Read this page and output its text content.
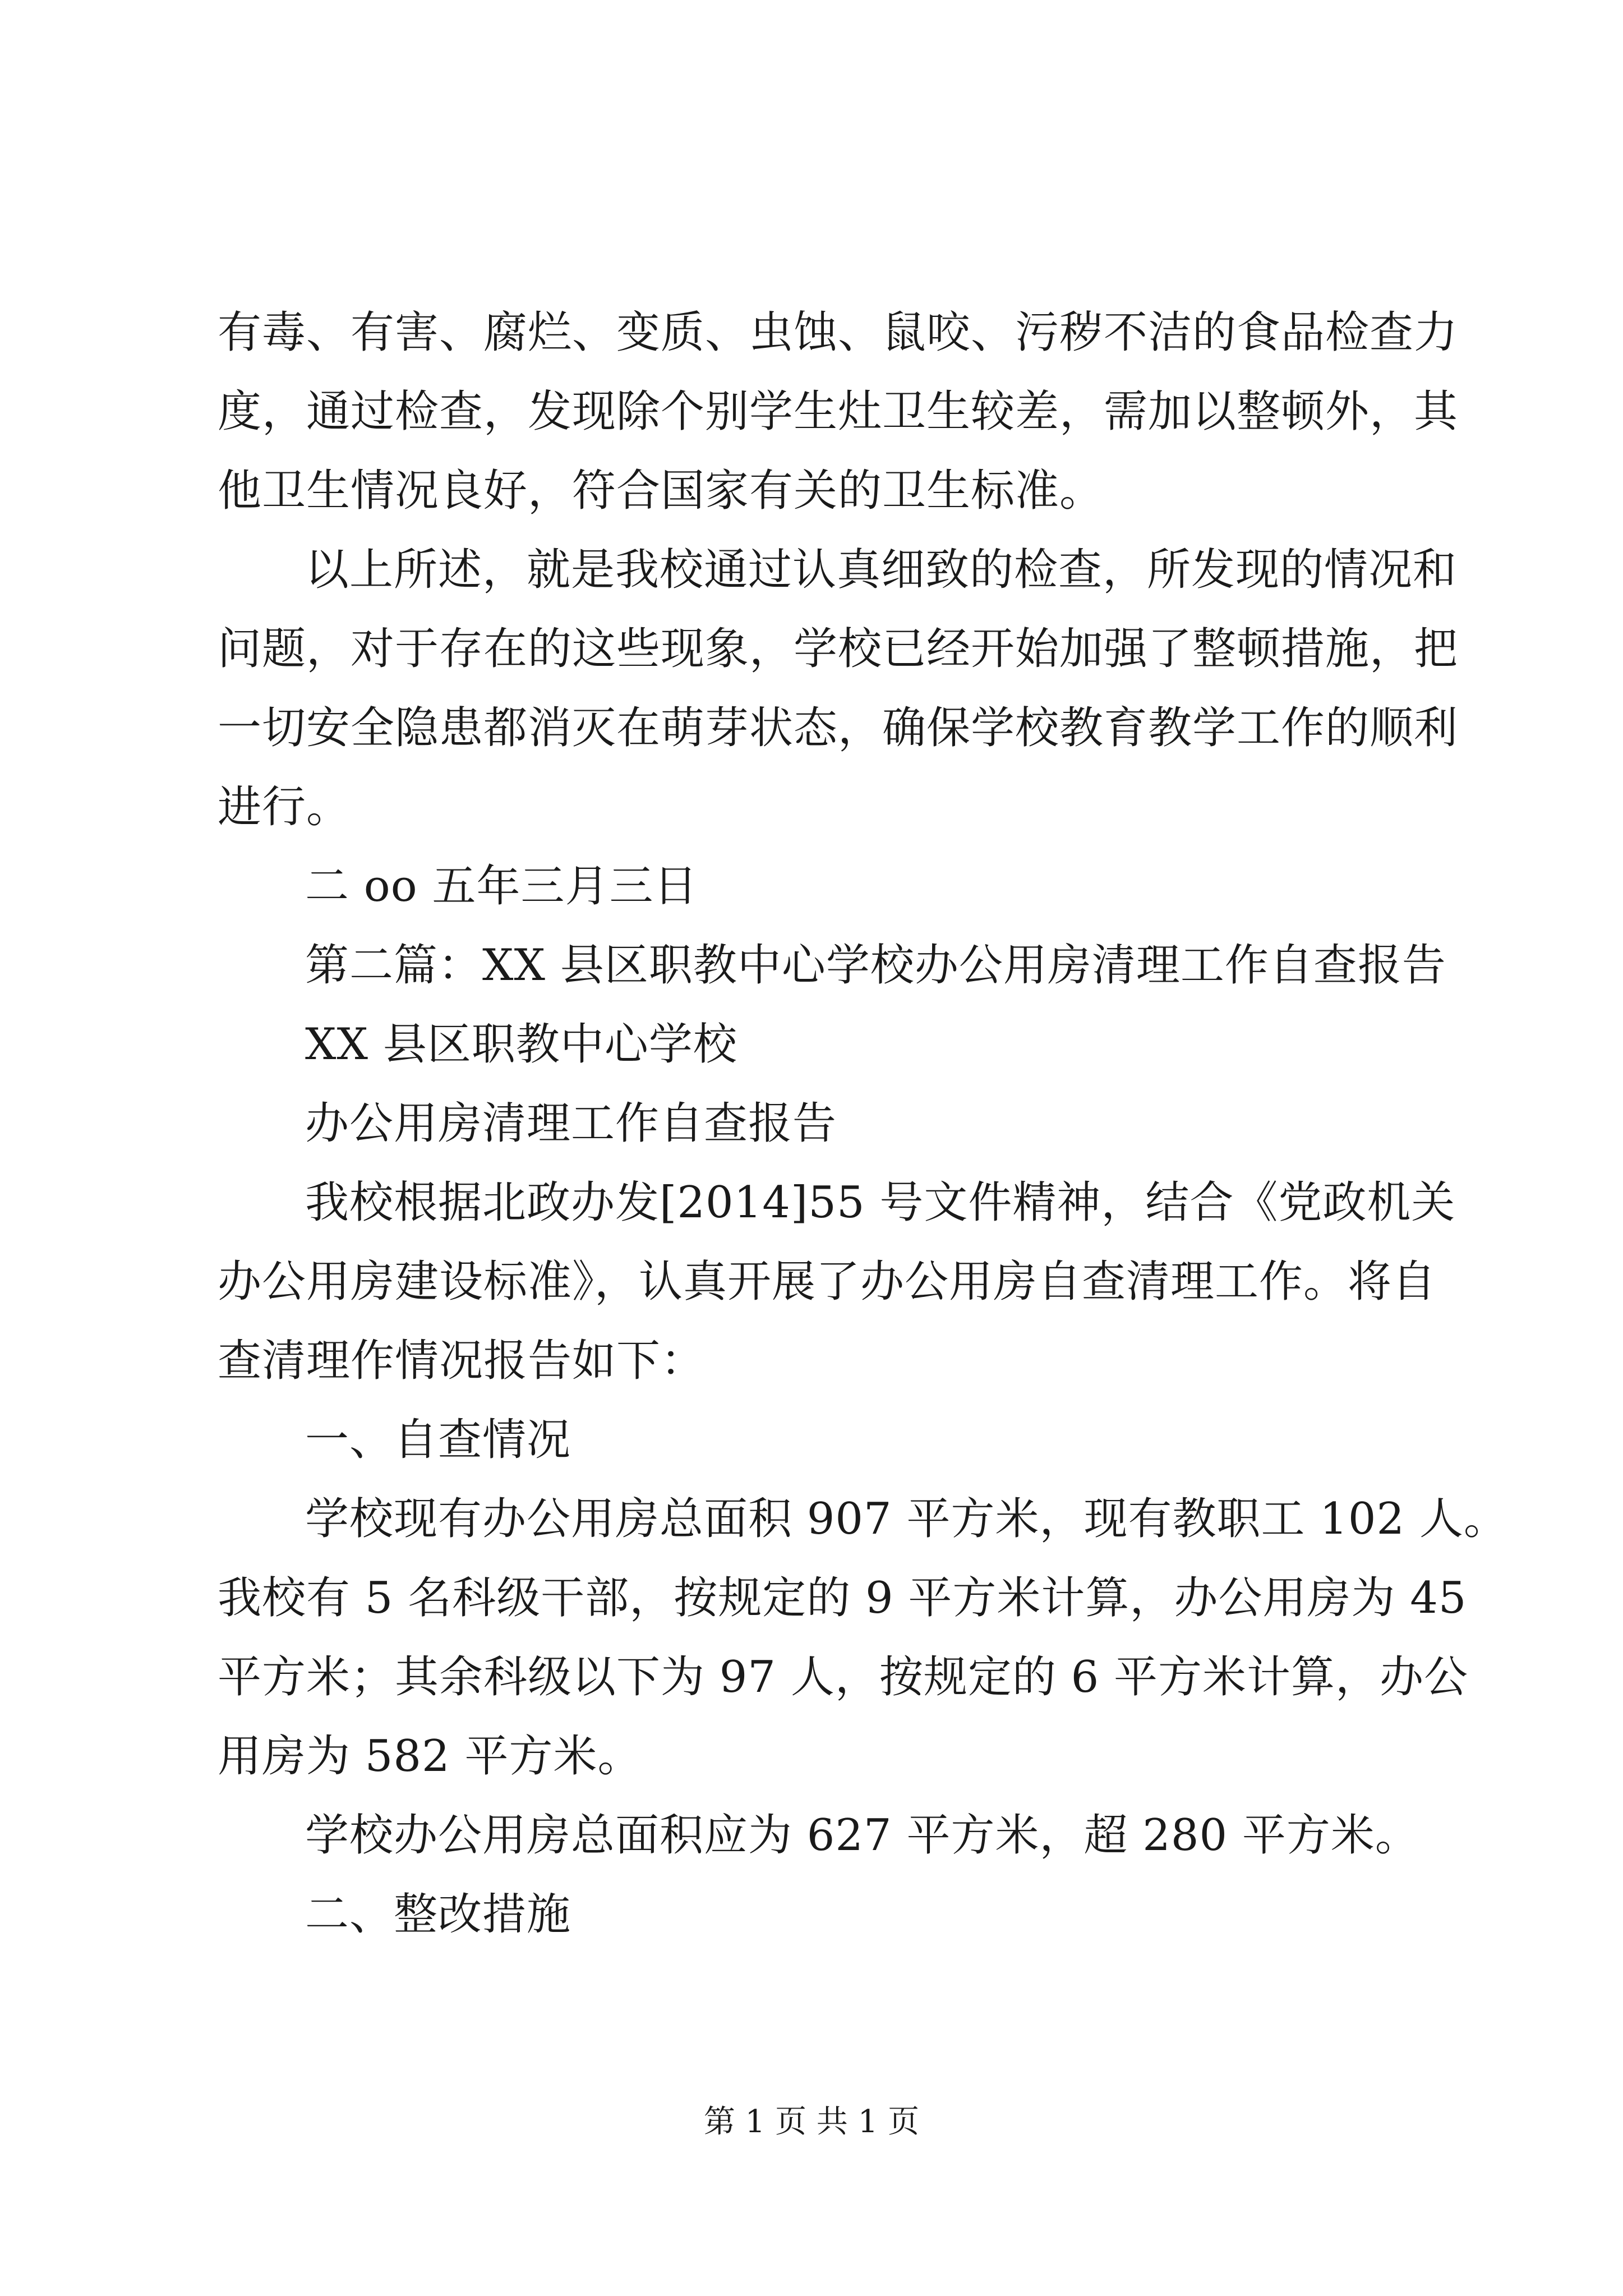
有毒、有害、腐烂、变质、虫蚀、鼠咬、污秽不洁的食品检查力
度，通过检查，发现除个别学生灶卫生较差，需加以整顿外，其
他卫生情况良好，符合国家有关的卫生标准。
以上所述，就是我校通过认真细致的检查，所发现的情况和
问题，对于存在的这些现象，学校已经开始加强了整顿措施，把
一切安全隐患都消灭在萌芽状态，确保学校教育教学工作的顺利
进行。
二 oo 五年三月三日
第二篇：XX 县区职教中心学校办公用房清理工作自查报告
XX 县区职教中心学校
办公用房清理工作自查报告
我校根据北政办发[2014]55 号文件精神，结合《党政机关
办公用房建设标准》，认真开展了办公用房自查清理工作。将自
查清理作情况报告如下：
一、自查情况
学校现有办公用房总面积 907 平方米，现有教职工 102 人。
我校有 5 名科级干部，按规定的 9 平方米计算，办公用房为 45
平方米；其余科级以下为 97 人，按规定的 6 平方米计算，办公
用房为 582 平方米。
学校办公用房总面积应为 627 平方米，超 280 平方米。
二、整改措施
第 1 页 共 1 页
